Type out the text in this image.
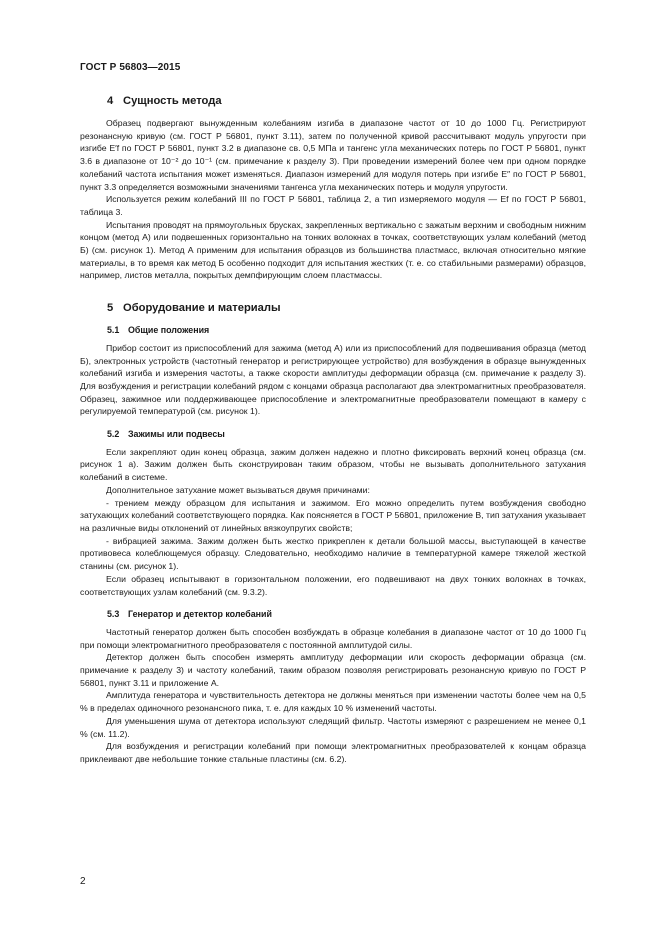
ГОСТ Р 56803—2015
4 Сущность метода

Образец подвергают вынужденным колебаниям изгиба в диапазоне частот от 10 до 1000 Гц. Регистрируют резонансную кривую (см. ГОСТ Р 56801, пункт 3.11), затем по полученной кривой рассчитывают модуль упругости при изгибе E′f по ГОСТ Р 56801, пункт 3.2 в диапазоне св. 0,5 МПа и тангенс угла механических потерь по ГОСТ Р 56801, пункт 3.6 в диапазоне от 10⁻² до 10⁻¹ (см. примечание к разделу 3). При проведении измерений более чем при одном порядке колебаний частота испытания может изменяться. Диапазон измерений для модуля потерь при изгибе E″ по ГОСТ Р 56801, пункт 3.3 определяется возможными значениями тангенса угла механических потерь и модуля упругости.

Используется режим колебаний III по ГОСТ Р 56801, таблица 2, а тип измеряемого модуля — Ef по ГОСТ Р 56801, таблица 3.

Испытания проводят на прямоугольных брусках, закрепленных вертикально с зажатым верхним и свободным нижним концом (метод А) или подвешенных горизонтально на тонких волокнах в точках, соответствующих узлам колебаний (метод Б) (см. рисунок 1). Метод А применим для испытания образцов из большинства пластмасс, включая относительно мягкие материалы, в то время как метод Б особенно подходит для испытания жестких (т. е. со стабильными размерами) образцов, например, листов металла, покрытых демпфирующим слоем пластмассы.

5 Оборудование и материалы
5.1 Общие положения

Прибор состоит из приспособлений для зажима (метод А) или из приспособлений для подвешивания образца (метод Б), электронных устройств (частотный генератор и регистрирующее устройство) для возбуждения в образце вынужденных колебаний изгиба и измерения частоты, а также скорости амплитуды деформации образца (см. примечание к разделу 3). Для возбуждения и регистрации колебаний рядом с концами образца располагают два электромагнитных преобразователя. Образец, зажимное или поддерживающее приспособление и электромагнитные преобразователи помещают в камеру с регулируемой температурой (см. рисунок 1).

5.2 Зажимы или подвесы

Если закрепляют один конец образца, зажим должен надежно и плотно фиксировать верхний конец образца (см. рисунок 1 а). Зажим должен быть сконструирован таким образом, чтобы не вызывать дополнительного затухания колебаний в системе.

Дополнительное затухание может вызываться двумя причинами:

- трением между образцом для испытания и зажимом. Его можно определить путем возбуждения свободно затухающих колебаний соответствующего порядка. Как поясняется в ГОСТ Р 56801, приложение В, тип затухания указывает на различные виды отклонений от линейных вязкоупругих свойств;

- вибрацией зажима. Зажим должен быть жестко прикреплен к детали большой массы, выступающей в качестве противовеса колеблющемуся образцу. Следовательно, необходимо наличие в температурной камере тяжелой жесткой станины (см. рисунок 1).

Если образец испытывают в горизонтальном положении, его подвешивают на двух тонких волокнах в точках, соответствующих узлам колебаний (см. 9.3.2).

5.3 Генератор и детектор колебаний

Частотный генератор должен быть способен возбуждать в образце колебания в диапазоне частот от 10 до 1000 Гц при помощи электромагнитного преобразователя с постоянной амплитудой силы.

Детектор должен быть способен измерять амплитуду деформации или скорость деформации образца (см. примечание к разделу 3) и частоту колебаний, таким образом позволяя регистрировать резонансную кривую по ГОСТ Р 56801, пункт 3.11 и приложение А.

Амплитуда генератора и чувствительность детектора не должны меняться при изменении частоты более чем на 0,5 % в пределах одиночного резонансного пика, т. е. для каждых 10 % изменений частоты.

Для уменьшения шума от детектора используют следящий фильтр. Частоты измеряют с разрешением не менее 0,1 % (см. 11.2).

Для возбуждения и регистрации колебаний при помощи электромагнитных преобразователей к концам образца приклеивают две небольшие тонкие стальные пластины (см. 6.2).

2
